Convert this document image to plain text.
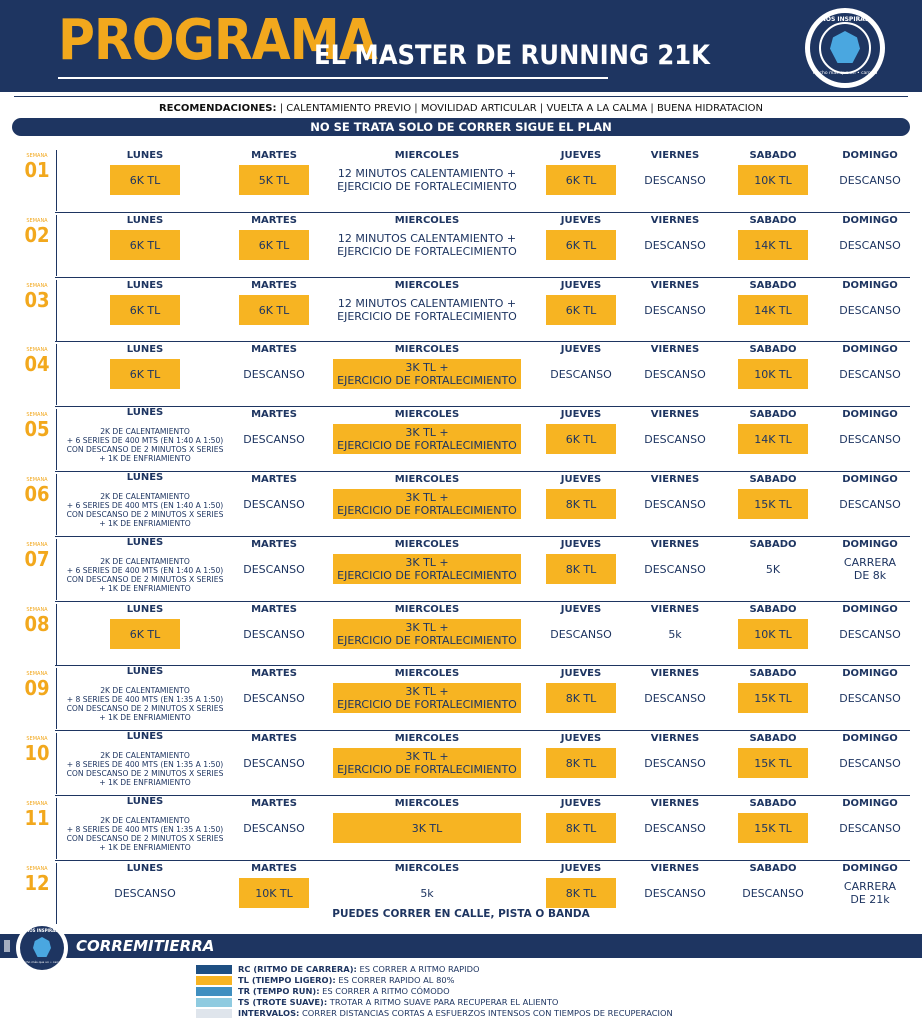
PROGRAMA
EL MASTER DE RUNNING 21K
NOS INSPIRAS
Mucho más que un • carrera
RECOMENDACIONES: | CALENTAMIENTO PREVIO | MOVILIDAD ARTICULAR | VUELTA A LA CALMA | BUENA HIDRATACION
NO SE TRATA SOLO DE CORRER SIGUE EL PLAN
SEMANA
01
LUNES
6K TL
MARTES
5K TL
MIERCOLES
12 MINUTOS CALENTAMIENTO +
EJERCICIO DE FORTALECIMIENTO
JUEVES
6K TL
VIERNES
DESCANSO
SABADO
10K TL
DOMINGO
DESCANSO
SEMANA
02
LUNES
6K TL
MARTES
6K TL
MIERCOLES
12 MINUTOS CALENTAMIENTO +
EJERCICIO DE FORTALECIMIENTO
JUEVES
6K TL
VIERNES
DESCANSO
SABADO
14K TL
DOMINGO
DESCANSO
SEMANA
03
LUNES
6K TL
MARTES
6K TL
MIERCOLES
12 MINUTOS CALENTAMIENTO +
EJERCICIO DE FORTALECIMIENTO
JUEVES
6K TL
VIERNES
DESCANSO
SABADO
14K TL
DOMINGO
DESCANSO
SEMANA
04
LUNES
6K TL
MARTES
DESCANSO
MIERCOLES
3K TL +
EJERCICIO DE FORTALECIMIENTO
JUEVES
DESCANSO
VIERNES
DESCANSO
SABADO
10K TL
DOMINGO
DESCANSO
SEMANA
05
LUNES
2K DE CALENTAMIENTO
+ 6 SERIES DE 400 MTS (EN 1:40 A 1:50)
CON DESCANSO DE 2 MINUTOS X SERIES
+ 1K DE ENFRIAMIENTO
MARTES
DESCANSO
MIERCOLES
3K TL +
EJERCICIO DE FORTALECIMIENTO
JUEVES
6K TL
VIERNES
DESCANSO
SABADO
14K TL
DOMINGO
DESCANSO
SEMANA
06
LUNES
2K DE CALENTAMIENTO
+ 6 SERIES DE 400 MTS (EN 1:40 A 1:50)
CON DESCANSO DE 2 MINUTOS X SERIES
+ 1K DE ENFRIAMIENTO
MARTES
DESCANSO
MIERCOLES
3K TL +
EJERCICIO DE FORTALECIMIENTO
JUEVES
8K TL
VIERNES
DESCANSO
SABADO
15K TL
DOMINGO
DESCANSO
SEMANA
07
LUNES
2K DE CALENTAMIENTO
+ 6 SERIES DE 400 MTS (EN 1:40 A 1:50)
CON DESCANSO DE 2 MINUTOS X SERIES
+ 1K DE ENFRIAMIENTO
MARTES
DESCANSO
MIERCOLES
3K TL +
EJERCICIO DE FORTALECIMIENTO
JUEVES
8K TL
VIERNES
DESCANSO
SABADO
5K
DOMINGO
CARRERA
DE 8k
SEMANA
08
LUNES
6K TL
MARTES
DESCANSO
MIERCOLES
3K TL +
EJERCICIO DE FORTALECIMIENTO
JUEVES
DESCANSO
VIERNES
5k
SABADO
10K TL
DOMINGO
DESCANSO
SEMANA
09
LUNES
2K DE CALENTAMIENTO
+ 8 SERIES DE 400 MTS (EN 1:35 A 1:50)
CON DESCANSO DE 2 MINUTOS X SERIES
+ 1K DE ENFRIAMIENTO
MARTES
DESCANSO
MIERCOLES
3K TL +
EJERCICIO DE FORTALECIMIENTO
JUEVES
8K TL
VIERNES
DESCANSO
SABADO
15K TL
DOMINGO
DESCANSO
SEMANA
10
LUNES
2K DE CALENTAMIENTO
+ 8 SERIES DE 400 MTS (EN 1:35 A 1:50)
CON DESCANSO DE 2 MINUTOS X SERIES
+ 1K DE ENFRIAMIENTO
MARTES
DESCANSO
MIERCOLES
3K TL +
EJERCICIO DE FORTALECIMIENTO
JUEVES
8K TL
VIERNES
DESCANSO
SABADO
15K TL
DOMINGO
DESCANSO
SEMANA
11
LUNES
2K DE CALENTAMIENTO
+ 8 SERIES DE 400 MTS (EN 1:35 A 1:50)
CON DESCANSO DE 2 MINUTOS X SERIES
+ 1K DE ENFRIAMIENTO
MARTES
DESCANSO
MIERCOLES
3K TL
JUEVES
8K TL
VIERNES
DESCANSO
SABADO
15K TL
DOMINGO
DESCANSO
SEMANA
12
LUNES
DESCANSO
MARTES
10K TL
MIERCOLES
5k
JUEVES
8K TL
VIERNES
DESCANSO
SABADO
DESCANSO
DOMINGO
CARRERA
DE 21k
PUEDES CORRER EN CALLE, PISTA O BANDA
CORREMITIERRA
NOS INSPIRAS
Mucho más que un • carrera
RC (RITMO DE CARRERA): ES CORRER A RITMO RAPIDO
TL (TIEMPO LIGERO): ES CORRER RAPIDO AL 80%
TR (TEMPO RUN): ES CORRER A RITMO CÓMODO
TS (TROTE SUAVE): TROTAR A RITMO SUAVE PARA RECUPERAR EL ALIENTO
INTERVALOS: CORRER DISTANCIAS CORTAS A ESFUERZOS INTENSOS CON TIEMPOS DE RECUPERACION
